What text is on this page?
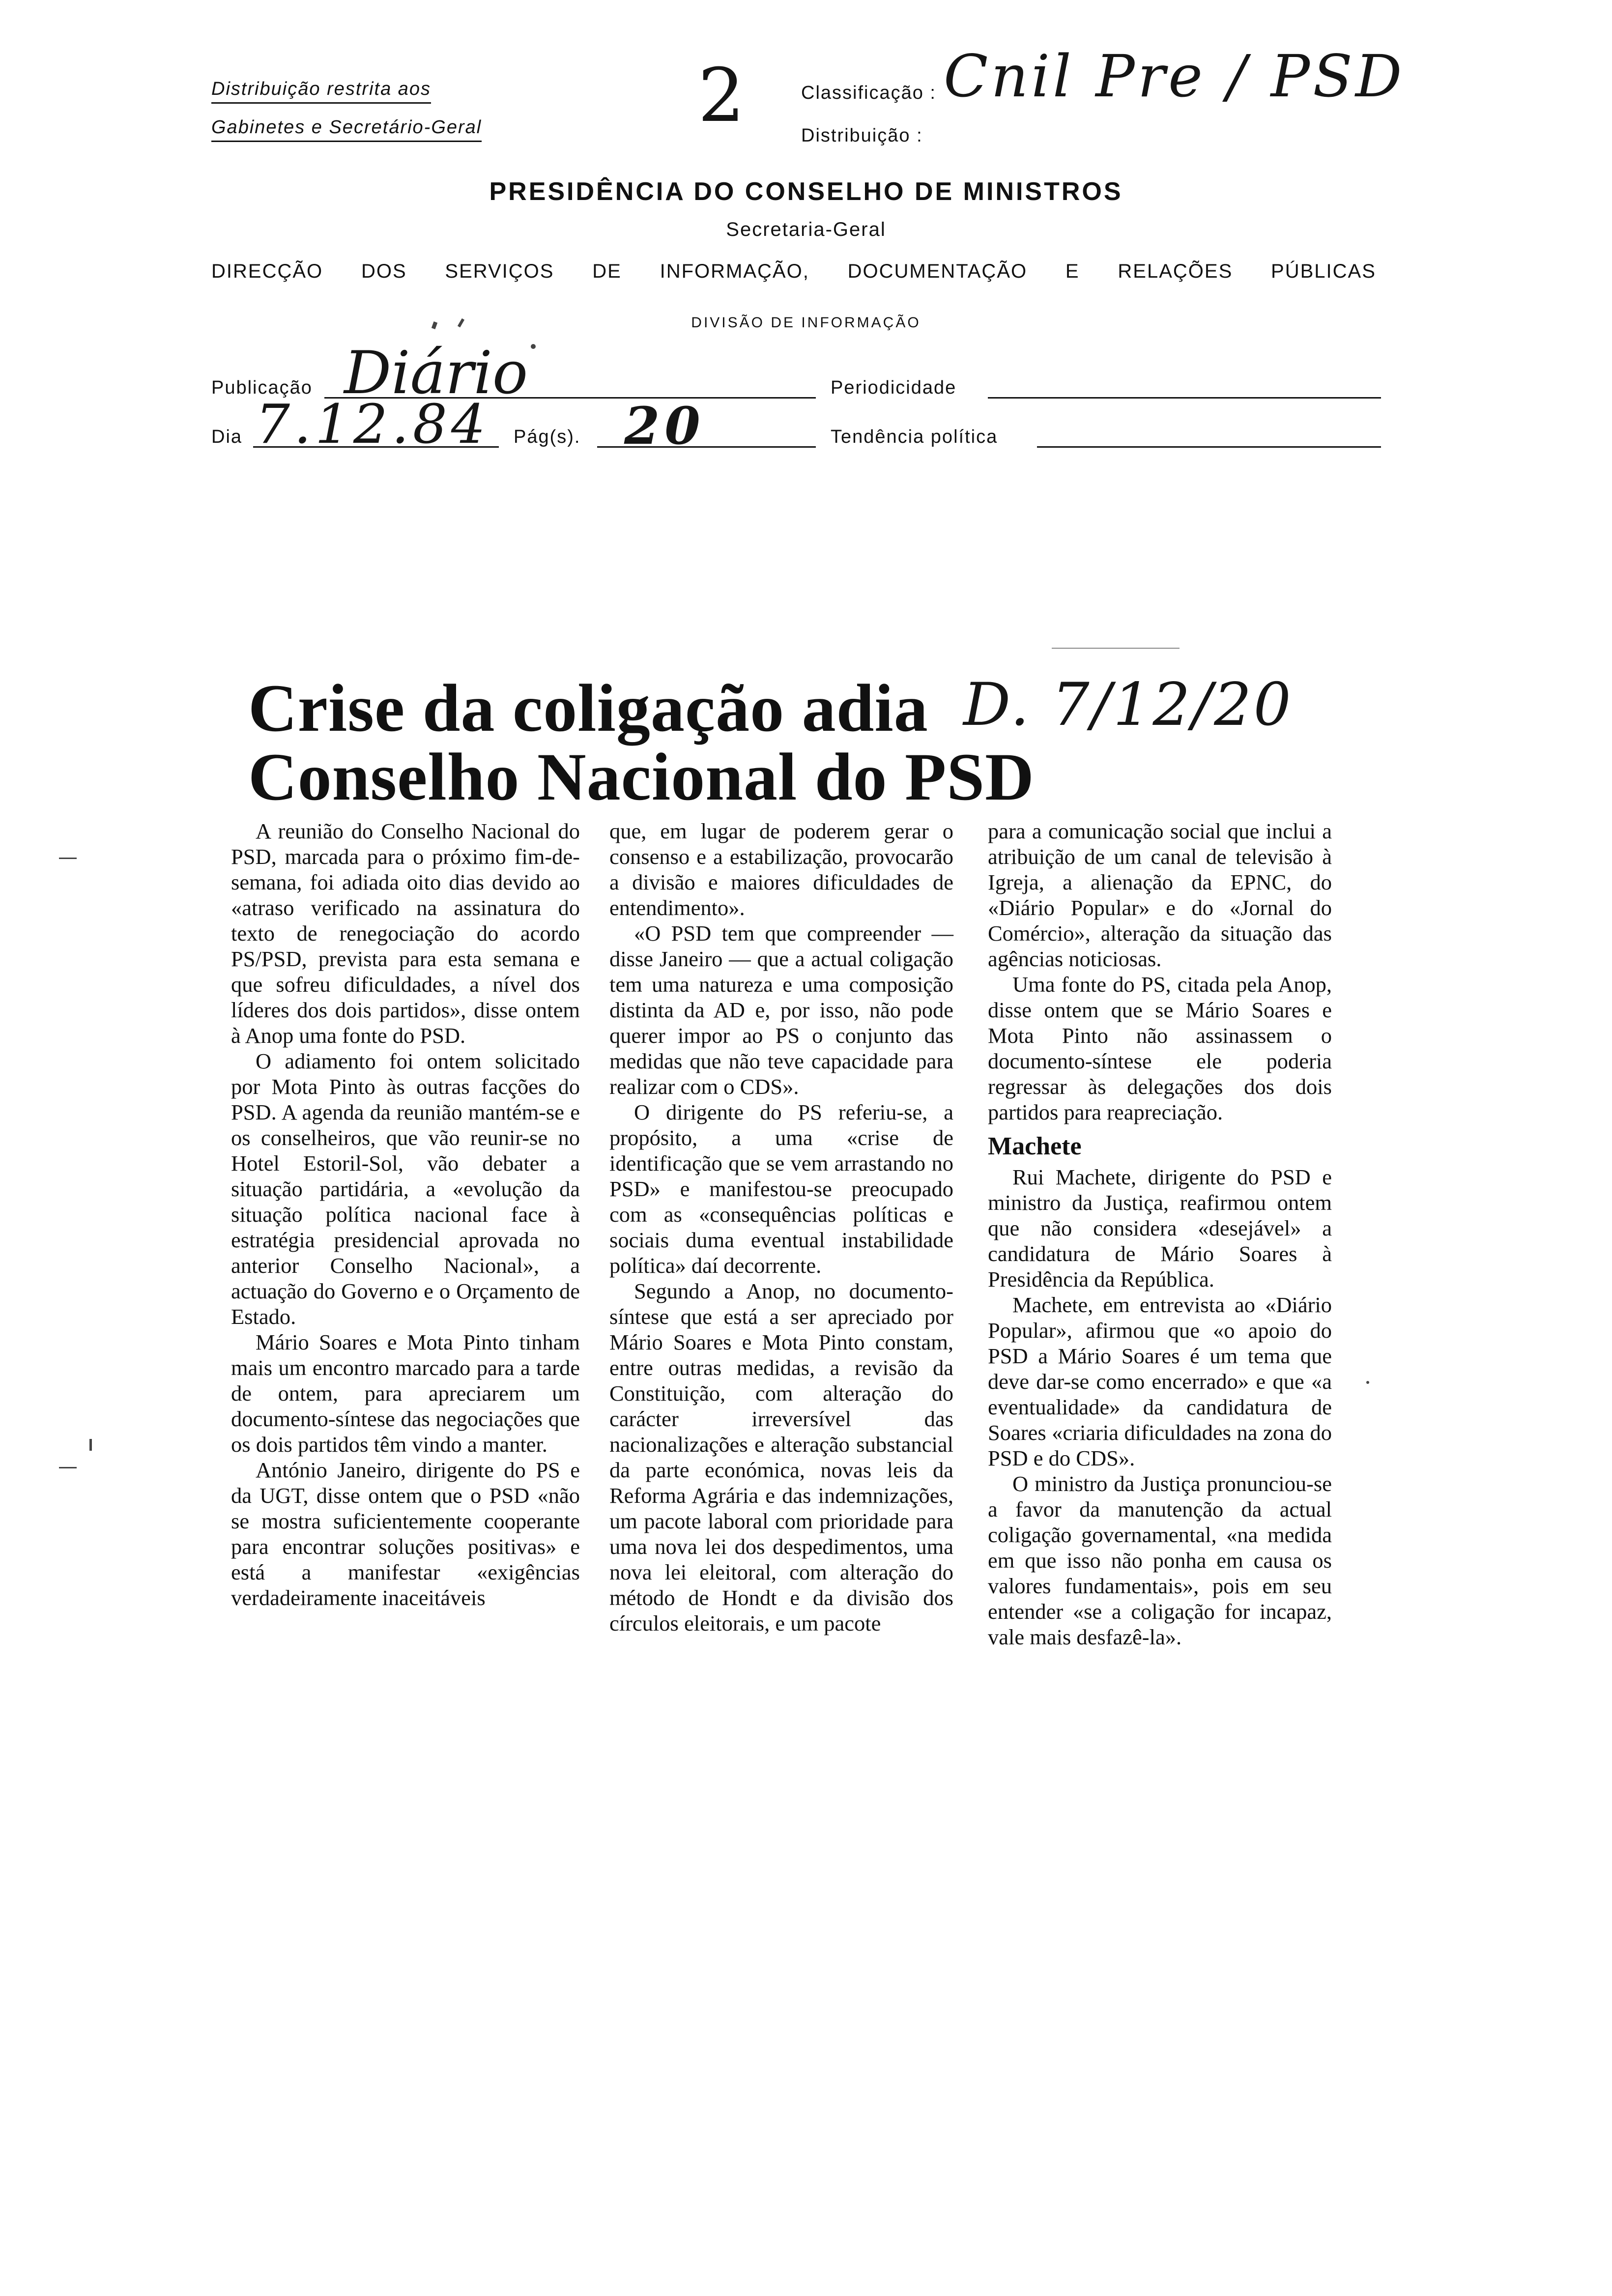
Distribuição restrita aos
Gabinetes e Secretário-Geral	2	Classificação : Cnil Pre / PSD
Distribuição :
PRESIDÊNCIA DO CONSELHO DE MINISTROS
Secretaria-Geral
DIRECÇÃO DOS SERVIÇOS DE INFORMAÇÃO, DOCUMENTAÇÃO E RELAÇÕES PÚBLICAS
DIVISÃO DE INFORMAÇÃO
Publicação Diário	Periodicidade
Dia 7.12.84 Pág(s). 20	Tendência política
Crise da coligação adia
Conselho Nacional do PSD
D. 7/12/20

A reunião do Conselho Nacional do PSD, marcada para o próximo fim-de-semana, foi adiada oito dias devido ao «atraso verificado na assinatura do texto de renegociação do acordo PS/PSD, prevista para esta semana e que sofreu dificuldades, a nível dos líderes dos dois partidos», disse ontem à Anop uma fonte do PSD.

O adiamento foi ontem solicitado por Mota Pinto às outras facções do PSD. A agenda da reunião mantém-se e os conselheiros, que vão reunir-se no Hotel Estoril-Sol, vão debater a situação partidária, a «evolução da situação política nacional face à estratégia presidencial aprovada no anterior Conselho Nacional», a actuação do Governo e o Orçamento de Estado.

Mário Soares e Mota Pinto tinham mais um encontro marcado para a tarde de ontem, para apreciarem um documento-síntese das negociações que os dois partidos têm vindo a manter.

António Janeiro, dirigente do PS e da UGT, disse ontem que o PSD «não se mostra suficientemente cooperante para encontrar soluções positivas» e está a manifestar «exigências verdadeiramente inaceitáveis

que, em lugar de poderem gerar o consenso e a estabilização, provocarão a divisão e maiores dificuldades de entendimento».

«O PSD tem que compreender — disse Janeiro — que a actual coligação tem uma natureza e uma composição distinta da AD e, por isso, não pode querer impor ao PS o conjunto das medidas que não teve capacidade para realizar com o CDS».

O dirigente do PS referiu-se, a propósito, a uma «crise de identificação que se vem arrastando no PSD» e manifestou-se preocupado com as «consequências políticas e sociais duma eventual instabilidade política» daí decorrente.

Segundo a Anop, no documento-síntese que está a ser apreciado por Mário Soares e Mota Pinto constam, entre outras medidas, a revisão da Constituição, com alteração do carácter irreversível das nacionalizações e alteração substancial da parte económica, novas leis da Reforma Agrária e das indemnizações, um pacote laboral com prioridade para uma nova lei dos despedimentos, uma nova lei eleitoral, com alteração do método de Hondt e da divisão dos círculos eleitorais, e um pacote

para a comunicação social que inclui a atribuição de um canal de televisão à Igreja, a alienação da EPNC, do «Diário Popular» e do «Jornal do Comércio», alteração da situação das agências noticiosas.

Uma fonte do PS, citada pela Anop, disse ontem que se Mário Soares e Mota Pinto não assinassem o documento-síntese ele poderia regressar às delegações dos dois partidos para reapreciação.

Machete

Rui Machete, dirigente do PSD e ministro da Justiça, reafirmou ontem que não considera «desejável» a candidatura de Mário Soares à Presidência da República.

Machete, em entrevista ao «Diário Popular», afirmou que «o apoio do PSD a Mário Soares é um tema que deve dar-se como encerrado» e que «a eventualidade» da candidatura de Soares «criaria dificuldades na zona do PSD e do CDS».

O ministro da Justiça pronunciou-se a favor da manutenção da actual coligação governamental, «na medida em que isso não ponha em causa os valores fundamentais», pois em seu entender «se a coligação for incapaz, vale mais desfazê-la».
